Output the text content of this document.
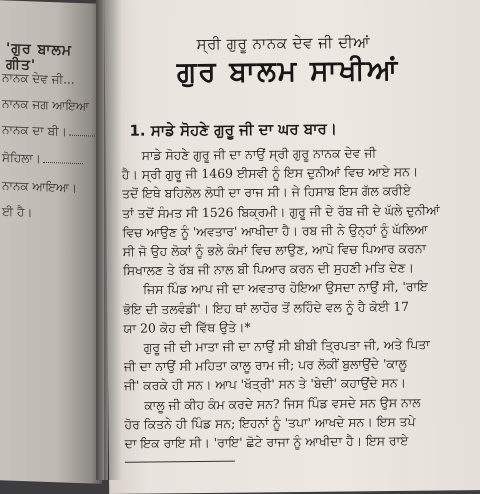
'ਗੁਰ ਬਾਲਮ ਗੀਤ'
ਨਾਨਕ ਦੇਵ ਜੀ...
ਨਾਨਕ ਜਗ ਆਇਆ
ਨਾਨਕ ਦਾ ਬੀ।
ਸੋਹਿਲਾ।
ਨਾਨਕ ਆਇਆ।
ਈ ਹੈ।
ਸ੍ਰੀ ਗੁਰੂ ਨਾਨਕ ਦੇਵ ਜੀ ਦੀਆਂ
ਗੁਰ ਬਾਲਮ ਸਾਖੀਆਂ
1. ਸਾਡੇ ਸੋਹਣੇ ਗੁਰੂ ਜੀ ਦਾ ਘਰ ਬਾਰ।
ਸਾਡੇ ਸੋਹਣੇ ਗੁਰੂ ਜੀ ਦਾ ਨਾਉਂ ਸ੍ਰੀ ਗੁਰੂ ਨਾਨਕ ਦੇਵ ਜੀ
ਹੈ। ਸ੍ਰੀ ਗੁਰੂ ਜੀ 1469 ਈਸਵੀ ਨੂੰ ਇਸ ਦੁਨੀਆਂ ਵਿਚ ਆਏ ਸਨ।
ਤਦੋਂ ਇਥੇ ਬਹਿਲੋਲ ਲੋਧੀ ਦਾ ਰਾਜ ਸੀ। ਜੇ ਹਿਸਾਬ ਇਸ ਗੱਲ ਕਰੀਏ
ਤਾਂ ਤਦੋਂ ਸੰਮਤ ਸੀ 1526 ਬਿਕ੍ਰਮੀ। ਗੁਰੂ ਜੀ ਦੇ ਰੱਬ ਜੀ ਦੇ ਘੱਲੇ ਦੁਨੀਆਂ
ਵਿਚ ਆਉਣ ਨੂੰ 'ਅਵਤਾਰ' ਆਖੀਦਾ ਹੈ। ਰਬ ਜੀ ਨੇ ਉਨ੍ਹਾਂ ਨੂੰ ਘੱਲਿਆ
ਸੀ ਜੋ ਉਹ ਲੋਕਾਂ ਨੂੰ ਭਲੇ ਕੰਮਾਂ ਵਿਚ ਲਾਉਣ, ਆਪੋ ਵਿਚ ਪਿਆਰ ਕਰਨਾ
ਸਿਖਾਲਣ ਤੇ ਰੱਬ ਜੀ ਨਾਲ ਬੀ ਪਿਆਰ ਕਰਨ ਦੀ ਸੁਹਣੀ ਮਤਿ ਦੇਣ।
ਜਿਸ ਪਿੰਡ ਆਪ ਜੀ ਦਾ ਅਵਤਾਰ ਹੋਇਆ ਉਸਦਾ ਨਾਉਂ ਸੀ, 'ਰਾਇ
ਭੋਇ ਦੀ ਤਲਵੰਡੀ'। ਇਹ ਥਾਂ ਲਾਹੌਰ ਤੋਂ ਲਹਿੰਦੇ ਵਲ ਨੂੰ ਹੈ ਕੋਈ 17
ਯਾ 20 ਕੋਹ ਦੀ ਵਿੱਥ ਉਤੇ।*
ਗੁਰੂ ਜੀ ਦੀ ਮਾਤਾ ਜੀ ਦਾ ਨਾਉਂ ਸੀ ਬੀਬੀ ਤ੍ਰਿਪਤਾ ਜੀ, ਅਤੇ ਪਿਤਾ
ਜੀ ਦਾ ਨਾਉਂ ਸੀ ਮਹਿਤਾ ਕਾਲੂ ਰਾਮ ਜੀ; ਪਰ ਲੋਕੀਂ ਬੁਲਾਉਂਦੇ 'ਕਾਲੂ
ਜੀ' ਕਰਕੇ ਹੀ ਸਨ। ਆਪ 'ਖੱਤ੍ਰੀ' ਸਨ ਤੇ 'ਬੇਦੀ' ਕਹਾਉਂਦੇ ਸਨ।
ਕਾਲੂ ਜੀ ਕੀਹ ਕੰਮ ਕਰਦੇ ਸਨ? ਜਿਸ ਪਿੰਡ ਵਸਦੇ ਸਨ ਉਸ ਨਾਲ
ਹੋਰ ਕਿਤਨੇ ਹੀ ਪਿੰਡ ਸਨ; ਇਹਨਾਂ ਨੂੰ 'ਤਪਾ' ਆਖਦੇ ਸਨ। ਇਸ ਤਪੇ
ਦਾ ਇਕ ਰਾਇ ਸੀ। 'ਰਾਇ' ਛੋਟੇ ਰਾਜਾ ਨੂੰ ਆਖੀਦਾ ਹੈ। ਇਸ ਰਾਏ
